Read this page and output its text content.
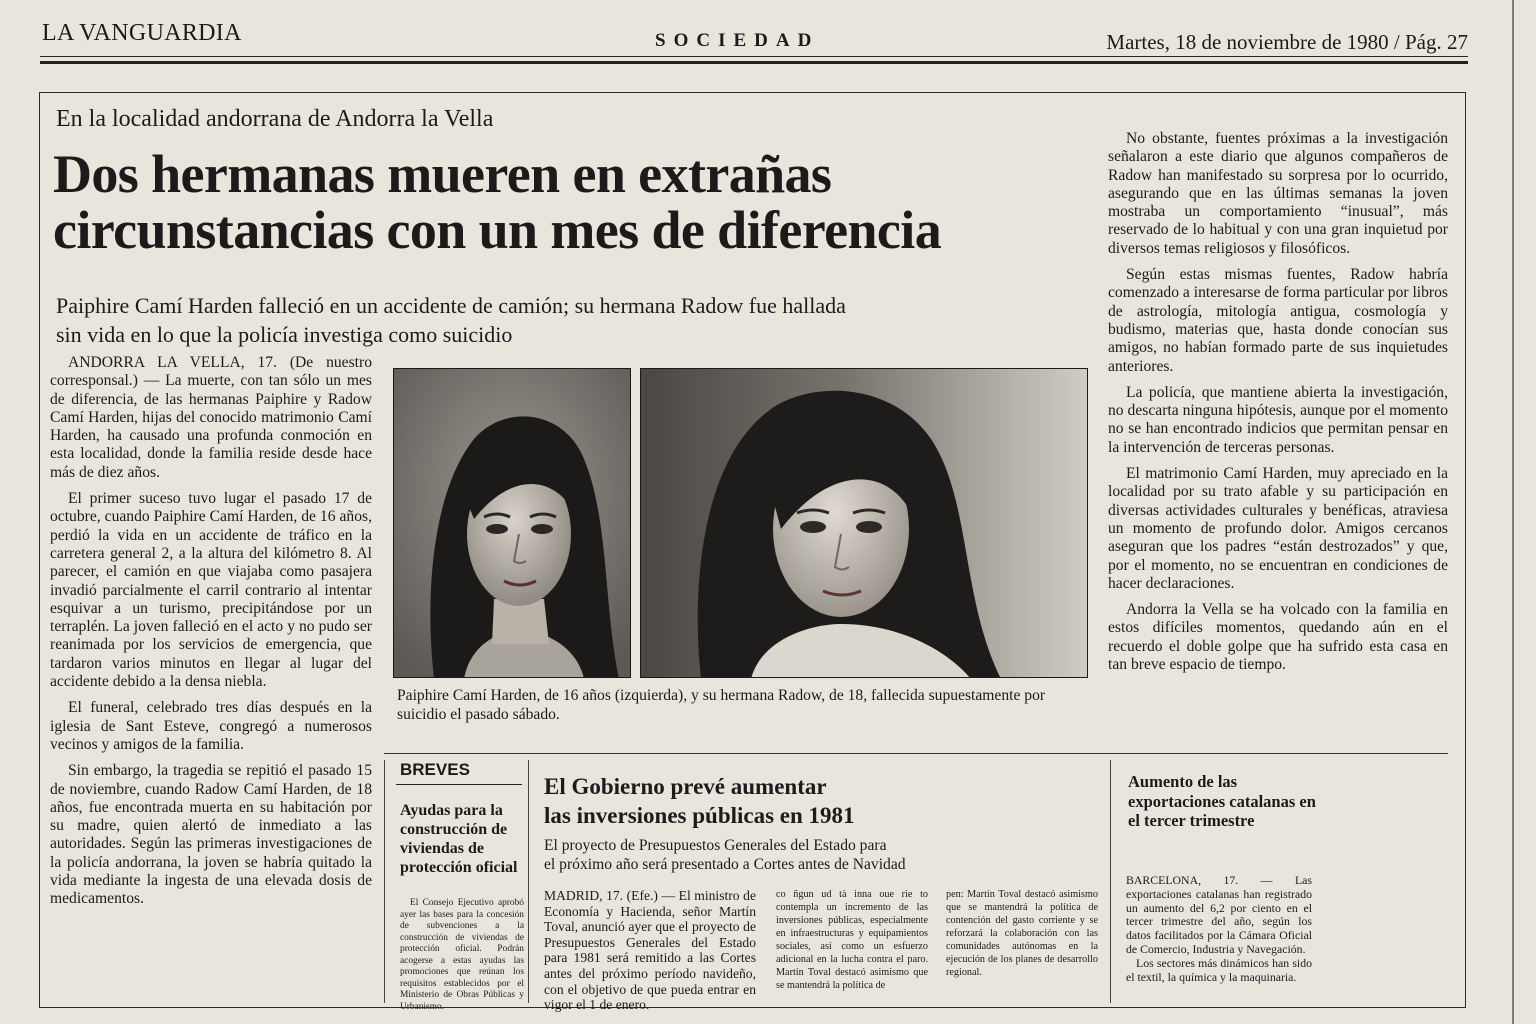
LA VANGUARDIA	SOCIEDAD	Martes, 18 de noviembre de 1980 / Pág. 27
En la localidad andorrana de Andorra la Vella
Dos hermanas mueren en extrañas circunstancias con un mes de diferencia
Paiphire Camí Harden falleció en un accidente de camión; su hermana Radow fue hallada sin vida en lo que la policía investiga como suicidio

ANDORRA LA VELLA, 17. (De nuestro corresponsal.) — La muerte, con tan sólo un mes de diferencia, de las hermanas Paiphire y Radow Camí Harden, hijas del conocido matrimonio Camí Harden, ha causado una profunda conmoción en esta localidad, donde la familia reside desde hace más de diez años.

El primer suceso tuvo lugar el pasado 17 de octubre, cuando Paiphire Camí Harden, de 16 años, perdió la vida en un accidente de tráfico en la carretera general 2, a la altura del kilómetro 8. Al parecer, el camión en que viajaba como pasajera invadió parcialmente el carril contrario al intentar esquivar a un turismo, precipitándose por un terraplén. La joven falleció en el acto y no pudo ser reanimada por los servicios de emergencia, que tardaron varios minutos en llegar al lugar del accidente debido a la densa niebla.

El funeral, celebrado tres días después en la iglesia de Sant Esteve, congregó a numerosos vecinos y amigos de la familia.

Sin embargo, la tragedia se repitió el pasado 15 de noviembre, cuando Radow Camí Harden, de 18 años, fue encontrada muerta en su habitación por su madre, quien alertó de inmediato a las autoridades. Según las primeras investigaciones de la policía andorrana, la joven se habría quitado la vida mediante la ingesta de una elevada dosis de medicamentos.

Paiphire Camí Harden, de 16 años (izquierda), y su hermana Radow, de 18, fallecida supuestamente por suicidio el pasado sábado.

No obstante, fuentes próximas a la investigación señalaron a este diario que algunos compañeros de Radow han manifestado su sorpresa por lo ocurrido, asegurando que en las últimas semanas la joven mostraba un comportamiento “inusual”, más reservado de lo habitual y con una gran inquietud por diversos temas religiosos y filosóficos.

Según estas mismas fuentes, Radow habría comenzado a interesarse de forma particular por libros de astrología, mitología antigua, cosmología y budismo, materias que, hasta donde conocían sus amigos, no habían formado parte de sus inquietudes anteriores.

La policía, que mantiene abierta la investigación, no descarta ninguna hipótesis, aunque por el momento no se han encontrado indicios que permitan pensar en la intervención de terceras personas.

El matrimonio Camí Harden, muy apreciado en la localidad por su trato afable y su participación en diversas actividades culturales y benéficas, atraviesa un momento de profundo dolor. Amigos cercanos aseguran que los padres “están destrozados” y que, por el momento, no se encuentran en condiciones de hacer declaraciones.

Andorra la Vella se ha volcado con la familia en estos difíciles momentos, quedando aún en el recuerdo el doble golpe que ha sufrido esta casa en tan breve espacio de tiempo.

BREVES
Ayudas para la construcción de viviendas de protección oficial
El Consejo Ejecutivo aprobó ayer las bases para la concesión de subvenciones a la construcción de viviendas de protección oficial. Podrán acogerse a estas ayudas las promociones que reúnan los requisitos establecidos por el Ministerio de Obras Públicas y Urbanismo.
El Gobierno prevé aumentar
las inversiones públicas en 1981
El proyecto de Presupuestos Generales del Estado para
el próximo año será presentado a Cortes antes de Navidad
MADRID, 17. (Efe.) — El ministro de Economía y Hacienda, señor Martín Toval, anunció ayer que el proyecto de Presupuestos Generales del Estado para 1981 será remitido a las Cortes antes del próximo período navideño, con el objetivo de que pueda entrar en vigor el 1 de enero.
co ñgun ud tà inna oue rie to contempla un incremento de las inversiones públicas, especialmente en infraestructuras y equipamientos sociales, así como un esfuerzo adicional en la lucha contra el paro. Martín Toval destacó asimismo que se mantendrá la política de
pen: Martín Toval destacó asimismo que se mantendrá la política de contención del gasto corriente y se reforzará la colaboración con las comunidades autónomas en la ejecución de los planes de desarrollo regional.
Aumento de las exportaciones catalanas en el tercer trimestre

BARCELONA, 17. — Las exportaciones catalanas han registrado un aumento del 6,2 por ciento en el tercer trimestre del año, según los datos facilitados por la Cámara Oficial de Comercio, Industria y Navegación.

Los sectores más dinámicos han sido el textil, la química y la maquinaria.
